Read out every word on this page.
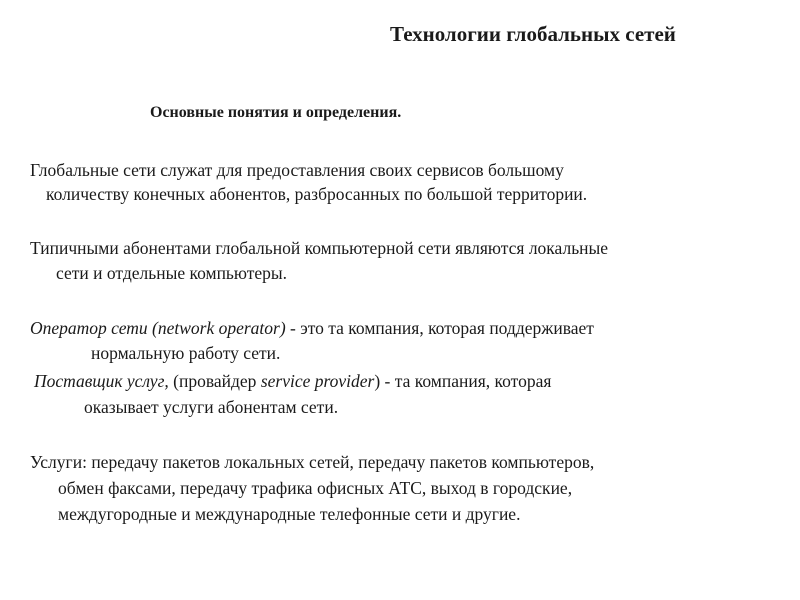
Технологии глобальных сетей
Основные понятия и определения.
Глобальные сети служат для предоставления своих сервисов большому
количеству конечных абонентов, разбросанных по большой территории.
Типичными абонентами глобальной компьютерной сети являются локальные
сети и отдельные компьютеры.
Оператор сети (network operator) - это та компания, которая поддерживает
нормальную работу сети.
Поставщик услуг, (провайдер service provider) - та компания, которая
оказывает услуги абонентам сети.
Услуги: передачу пакетов локальных сетей, передачу пакетов компьютеров,
обмен факсами, передачу трафика офисных АТС, выход в городские,
междугородные и международные телефонные сети и другие.
